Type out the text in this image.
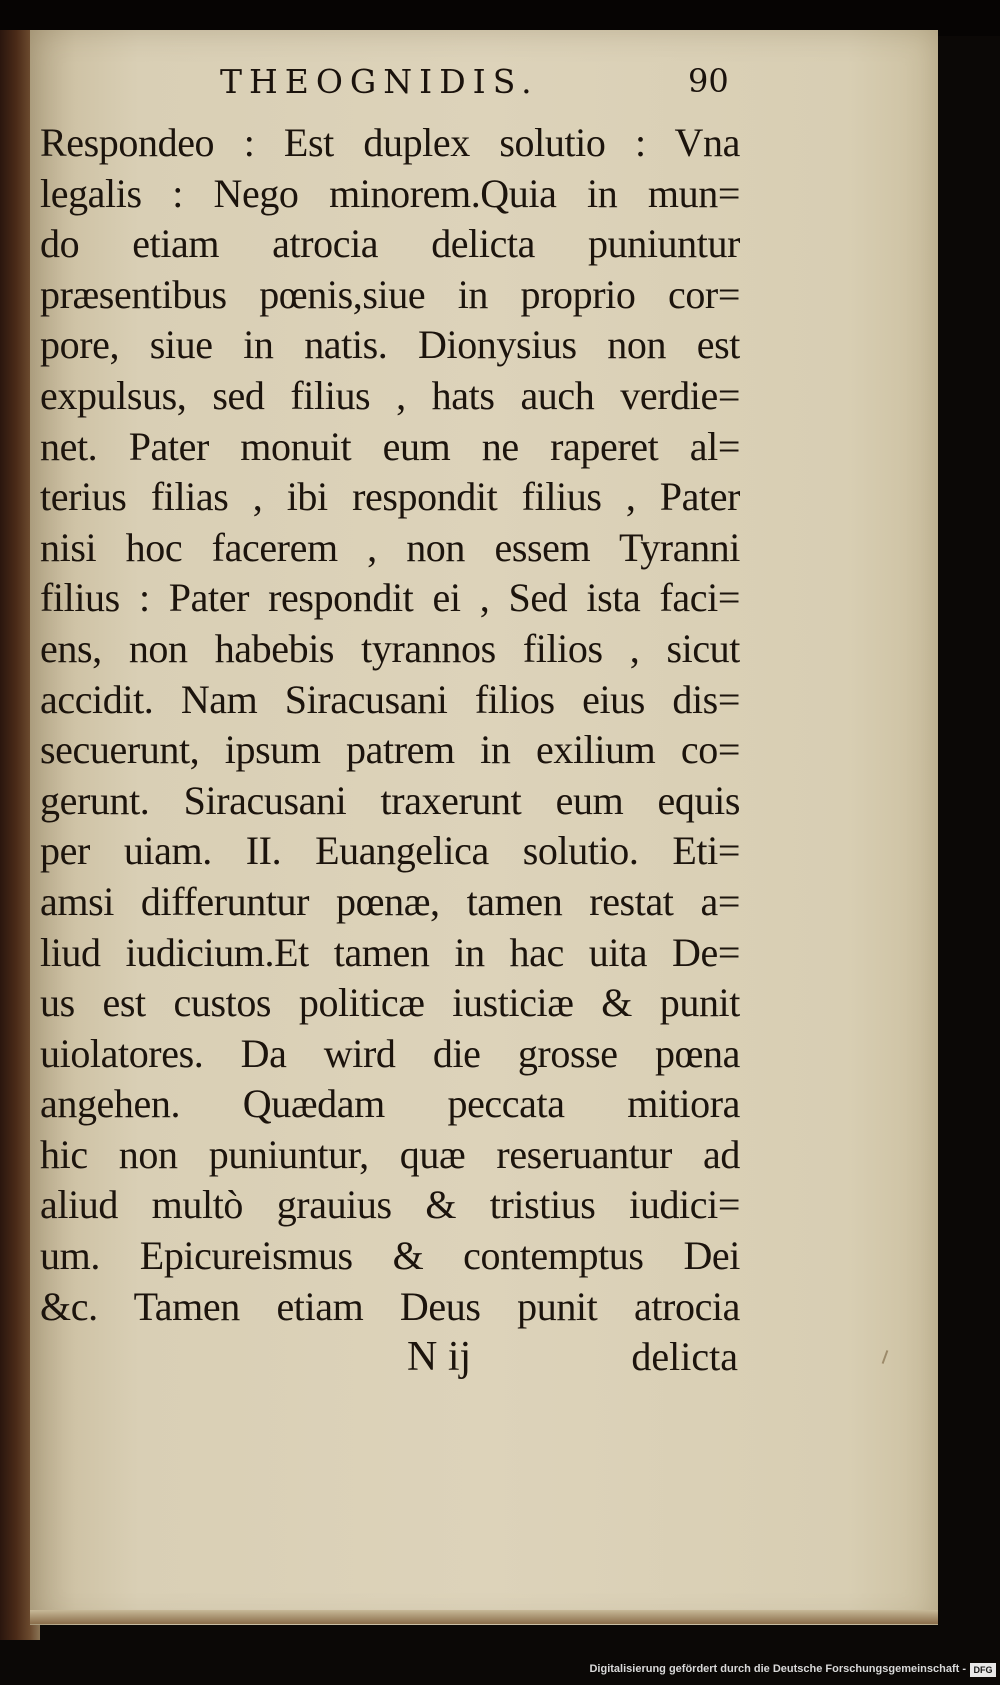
THEOGNIDIS.	90
Respondeo : Est duplex solutio : Vna
legalis : Nego minorem.Quia in mun=
do etiam atrocia delicta puniuntur
præsentibus pœnis,siue in proprio cor=
pore, siue in natis. Dionysius non est
expulsus, sed filius , hats auch verdie=
net. Pater monuit eum ne raperet al=
terius filias , ibi respondit filius , Pater
nisi hoc facerem , non essem Tyranni
filius : Pater respondit ei , Sed ista faci=
ens, non habebis tyrannos filios , sicut
accidit. Nam Siracusani filios eius dis=
secuerunt, ipsum patrem in exilium co=
gerunt. Siracusani traxerunt eum equis
per uiam. II. Euangelica solutio. Eti=
amsi differuntur pœnæ, tamen restat a=
liud iudicium.Et tamen in hac uita De=
us est custos politicæ iusticiæ & punit
uiolatores. Da wird die grosse pœna
angehen. Quædam peccata mitiora
hic non puniuntur, quæ reseruantur ad
aliud multò grauius & tristius iudici=
um. Epicureismus & contemptus Dei
&c. Tamen etiam Deus punit atrocia
N ij	delicta
Digitalisierung gefördert durch die Deutsche Forschungsgemeinschaft - DFG
